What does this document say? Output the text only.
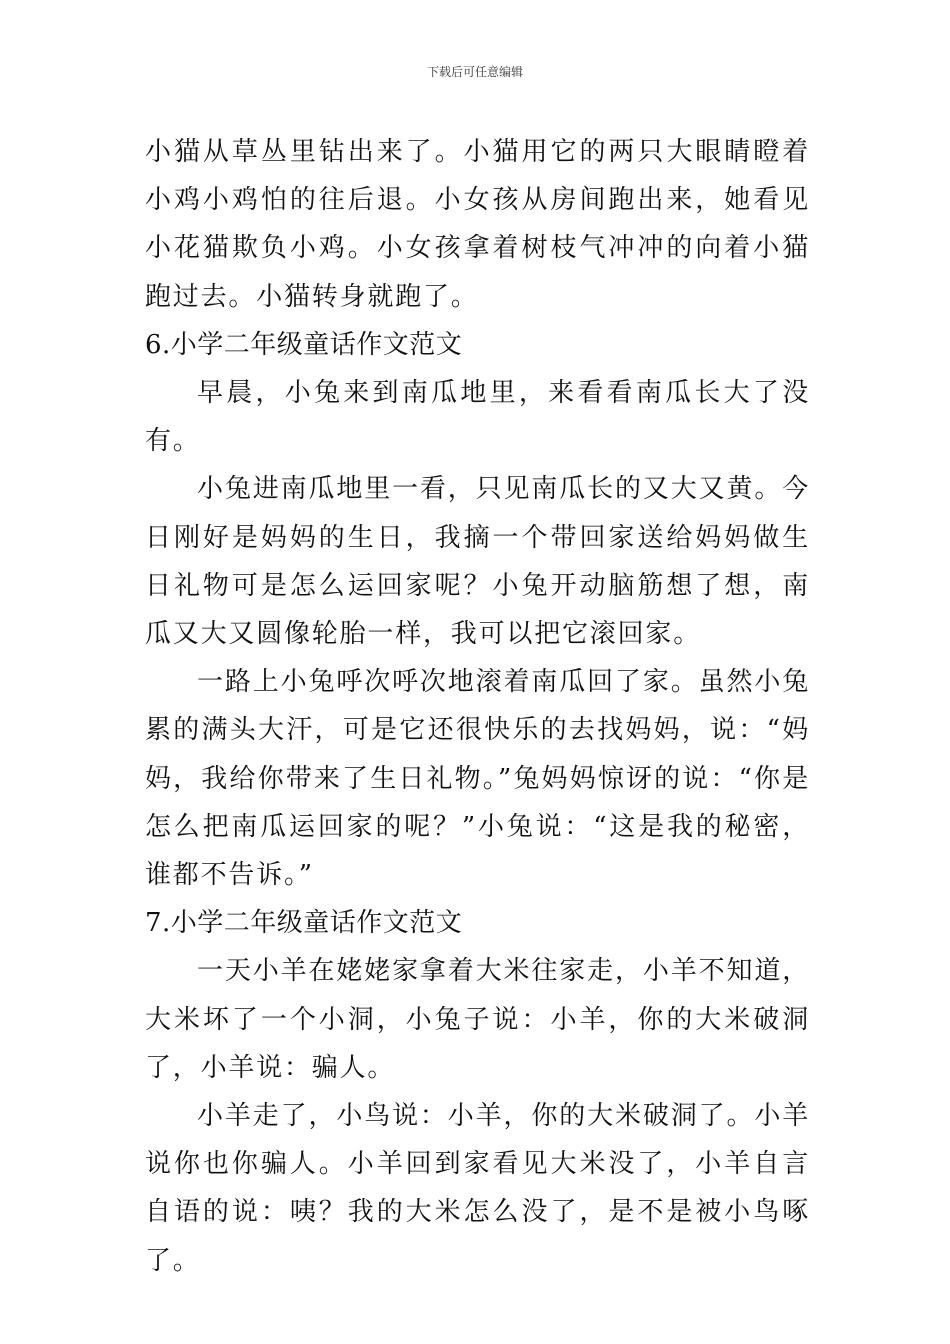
下载后可任意编辑

小猫从草丛里钻出来了。小猫用它的两只大眼睛瞪着小鸡小鸡怕的往后退。小女孩从房间跑出来，她看见小花猫欺负小鸡。小女孩拿着树枝气冲冲的向着小猫跑过去。小猫转身就跑了。

6.小学二年级童话作文范文

早晨，小兔来到南瓜地里，来看看南瓜长大了没有。

小兔进南瓜地里一看，只见南瓜长的又大又黄。今日刚好是妈妈的生日，我摘一个带回家送给妈妈做生日礼物可是怎么运回家呢？小兔开动脑筋想了想，南瓜又大又圆像轮胎一样，我可以把它滚回家。

一路上小兔呼次呼次地滚着南瓜回了家。虽然小兔累的满头大汗，可是它还很快乐的去找妈妈，说：“妈妈，我给你带来了生日礼物。”兔妈妈惊讶的说：“你是怎么把南瓜运回家的呢？”小兔说：“这是我的秘密，谁都不告诉。”

7.小学二年级童话作文范文

一天小羊在姥姥家拿着大米往家走，小羊不知道，大米坏了一个小洞，小兔子说：小羊，你的大米破洞了，小羊说：骗人。

小羊走了，小鸟说：小羊，你的大米破洞了。小羊说你也你骗人。小羊回到家看见大米没了，小羊自言自语的说：咦？我的大米怎么没了，是不是被小鸟啄了。
